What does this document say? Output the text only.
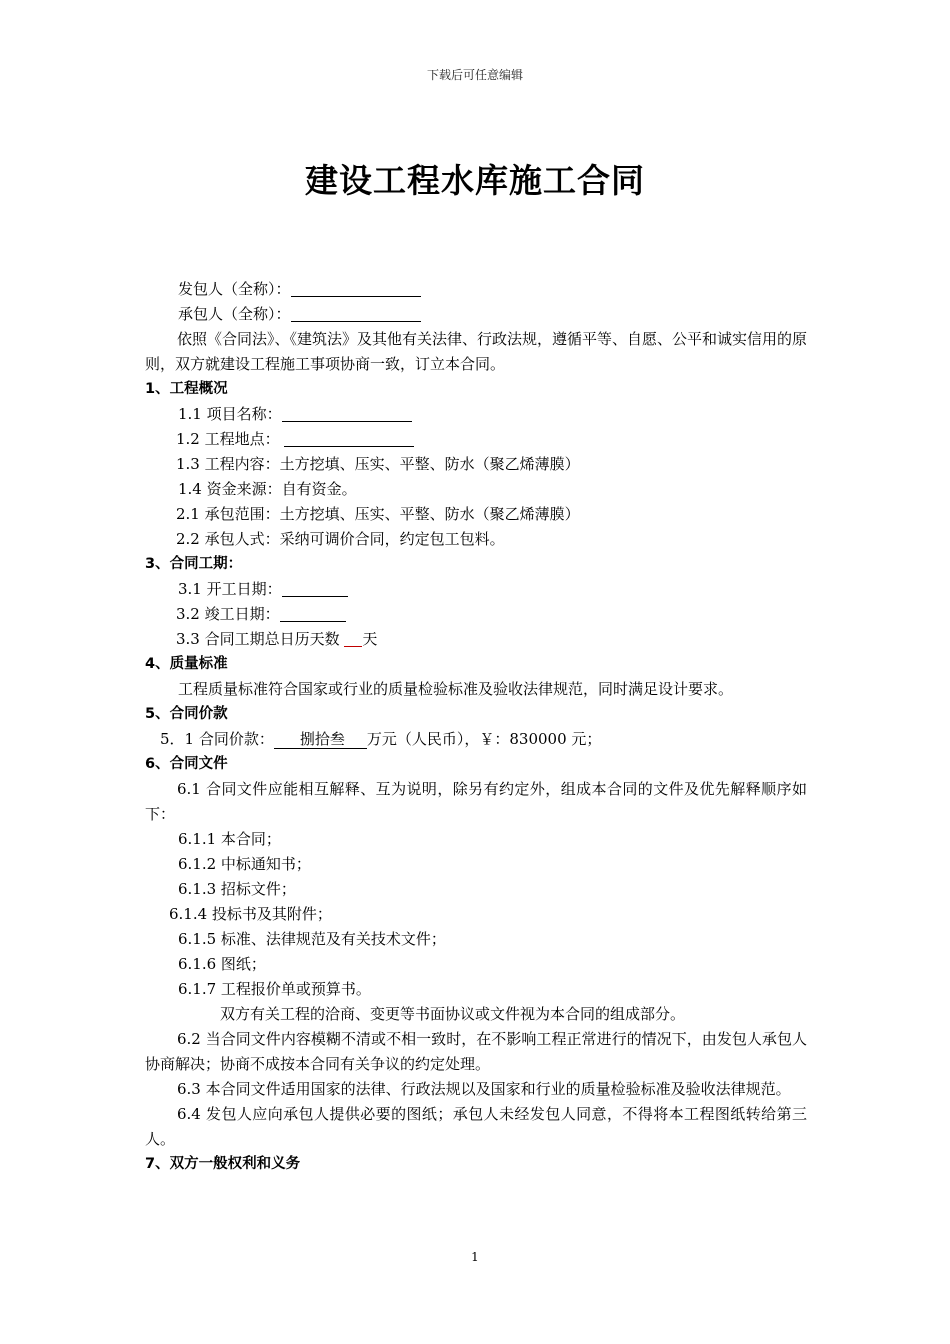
下载后可任意编辑
建设工程水库施工合同
发包人（全称）：
承包人（全称）：
依照《合同法》、《建筑法》及其他有关法律、行政法规，遵循平等、自愿、公平和诚实信用的原则，双方就建设工程施工事项协商一致，订立本合同。
1、工程概况
1.1 项目名称：
1.2 工程地点：
1.3 工程内容：土方挖填、压实、平整、防水（聚乙烯薄膜）
1.4 资金来源：自有资金。
2.1 承包范围：土方挖填、压实、平整、防水（聚乙烯薄膜）
2.2 承包人式：采纳可调价合同，约定包工包料。
3、合同工期：
3.1 开工日期：
3.2 竣工日期：
3.3 合同工期总日历天数 天
4、质量标准
工程质量标准符合国家或行业的质量检验标准及验收法律规范，同时满足设计要求。
5、合同价款
5．1 合同价款： 捌拾叁 万元（人民币），￥：830000 元；
6、合同文件
6.1 合同文件应能相互解释、互为说明，除另有约定外，组成本合同的文件及优先解释顺序如下：
6.1.1 本合同；
6.1.2 中标通知书；
6.1.3 招标文件；
6.1.4 投标书及其附件；
6.1.5 标准、法律规范及有关技术文件；
6.1.6 图纸；
6.1.7 工程报价单或预算书。
双方有关工程的洽商、变更等书面协议或文件视为本合同的组成部分。
6.2 当合同文件内容模糊不清或不相一致时，在不影响工程正常进行的情况下，由发包人承包人协商解决；协商不成按本合同有关争议的约定处理。
6.3 本合同文件适用国家的法律、行政法规以及国家和行业的质量检验标准及验收法律规范。
6.4 发包人应向承包人提供必要的图纸；承包人未经发包人同意，不得将本工程图纸转给第三人。
7、双方一般权利和义务
1
